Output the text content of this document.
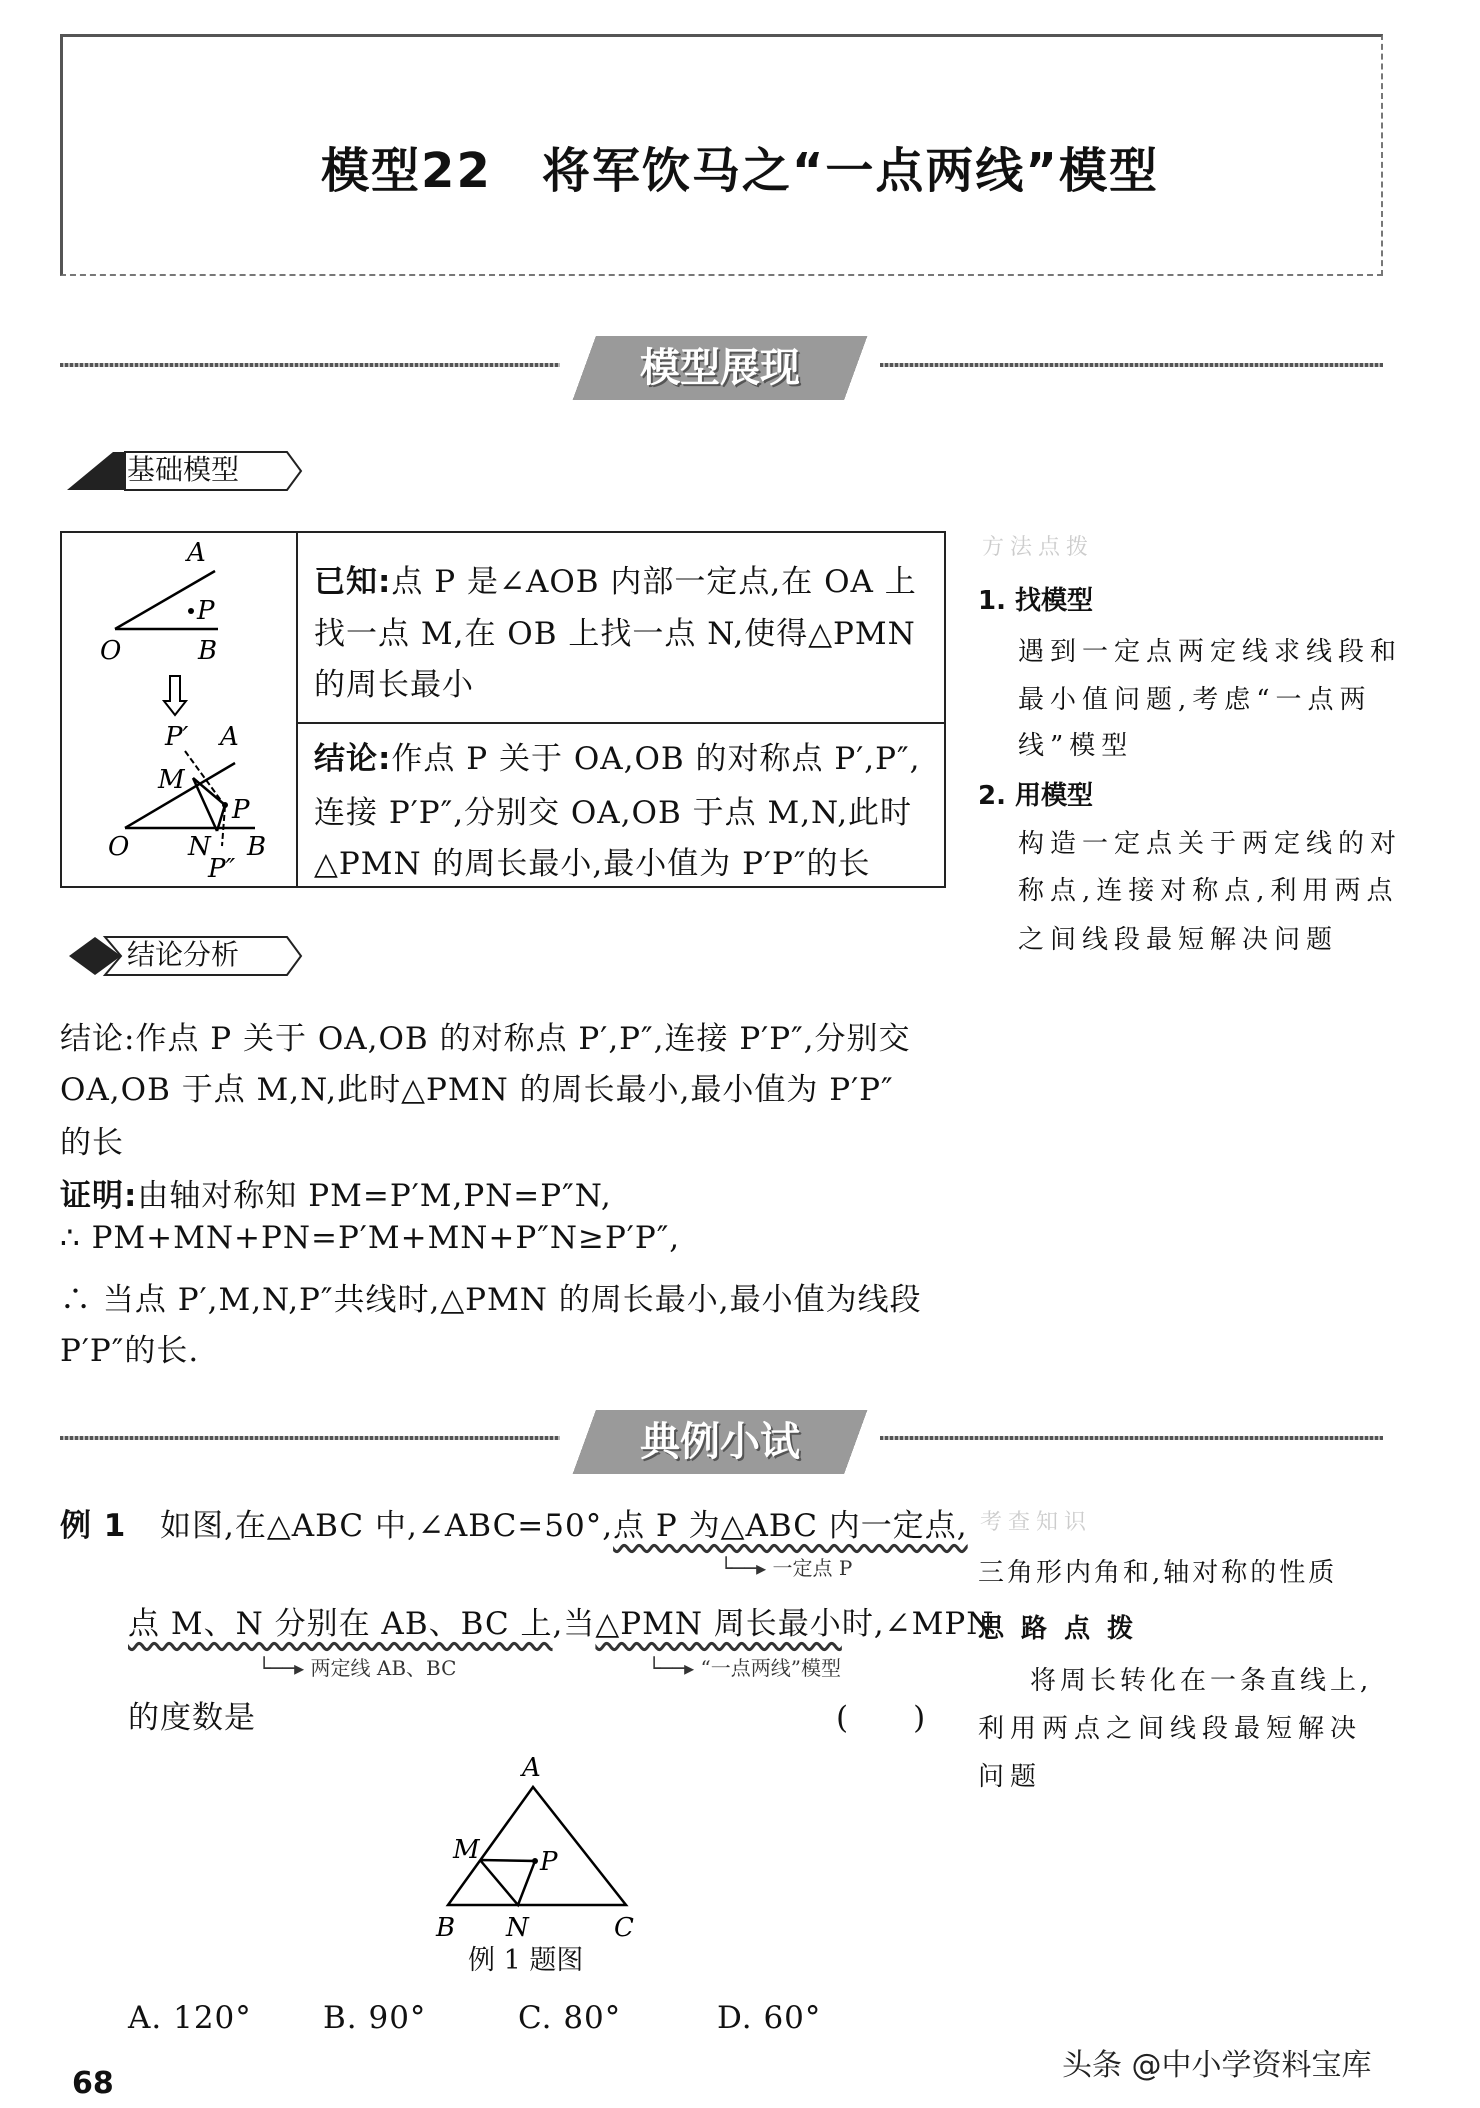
模型22　将军饮马之“一点两线”模型
模型展现
基础模型
A
P
O	B
P′ A
M
P
O N B
P″
已知:点 P 是∠AOB 内部一定点,在 OA 上
找一点 M,在 OB 上找一点 N,使得△PMN
的周长最小
结论:作点 P 关于 OA,OB 的对称点 P′,P″,
连接 P′P″,分别交 OA,OB 于点 M,N,此时
△PMN 的周长最小,最小值为 P′P″的长
方法点拨
1. 找模型
遇到一定点两定线求线段和
最小值问题,考虑“一点两
线”模型
2. 用模型
构造一定点关于两定线的对
称点,连接对称点,利用两点
之间线段最短解决问题
结论分析
结论:作点 P 关于 OA,OB 的对称点 P′,P″,连接 P′P″,分别交
OA,OB 于点 M,N,此时△PMN 的周长最小,最小值为 P′P″
的长
证明:由轴对称知 PM=P′M,PN=P″N,
∴ PM+MN+PN=P′M+MN+P″N≥P′P″,
∴ 当点 P′,M,N,P″共线时,△PMN 的周长最小,最小值为线段
P′P″的长.
典例小试
例 1 如图,在△ABC 中,∠ABC=50°,点 P 为△ABC 内一定点,
└──▸ 一定点 P
点 M、N 分别在 AB、BC 上,当△PMN 周长最小时,∠MPN
└──▸ 两定线 AB、BC	└──▸ “一点两线”模型
的度数是	(　　)
A
M P
B N	C
例 1 题图
A. 120° B. 90°	C. 80°	D. 60°
考查知识
三角形内角和,轴对称的性质
思 路 点 拨
将周长转化在一条直线上,
利用两点之间线段最短解决
问题
68
头条 @中小学资料宝库
